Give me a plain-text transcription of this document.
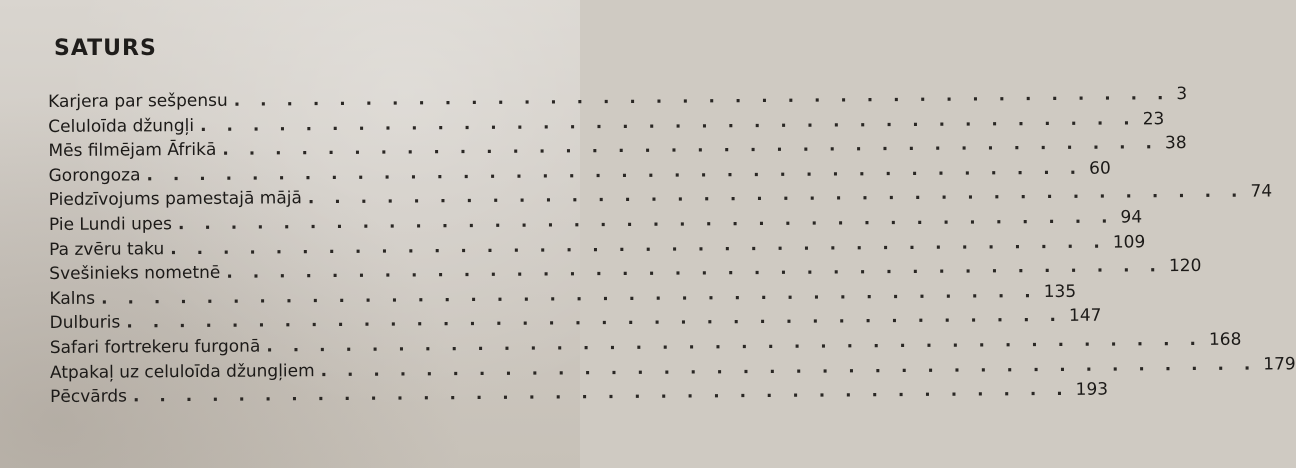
SATURS
Karjera par sešpensu . . . . . . . . . . . . . . . . . . . . . . . . . . . . . . . . . . . . 3
Celuloīda džungļi . . . . . . . . . . . . . . . . . . . . . . . . . . . . . . . . . . . . 23
Mēs filmējam Āfrikā . . . . . . . . . . . . . . . . . . . . . . . . . . . . . . . . . . . . 38
Gorongoza . . . . . . . . . . . . . . . . . . . . . . . . . . . . . . . . . . . . 60
Piedzīvojums pamestajā mājā . . . . . . . . . . . . . . . . . . . . . . . . . . . . . . . . . . . . 74
Pie Lundi upes . . . . . . . . . . . . . . . . . . . . . . . . . . . . . . . . . . . . 94
Pa zvēru taku . . . . . . . . . . . . . . . . . . . . . . . . . . . . . . . . . . . . 109
Svešinieks nometnē . . . . . . . . . . . . . . . . . . . . . . . . . . . . . . . . . . . . 120
Kalns . . . . . . . . . . . . . . . . . . . . . . . . . . . . . . . . . . . . 135
Dulburis . . . . . . . . . . . . . . . . . . . . . . . . . . . . . . . . . . . . 147
Safari fortrekeru furgonā . . . . . . . . . . . . . . . . . . . . . . . . . . . . . . . . . . . . 168
Atpakaļ uz celuloīda džungļiem . . . . . . . . . . . . . . . . . . . . . . . . . . . . . . . . . . . . 179
Pēcvārds . . . . . . . . . . . . . . . . . . . . . . . . . . . . . . . . . . . . 193
